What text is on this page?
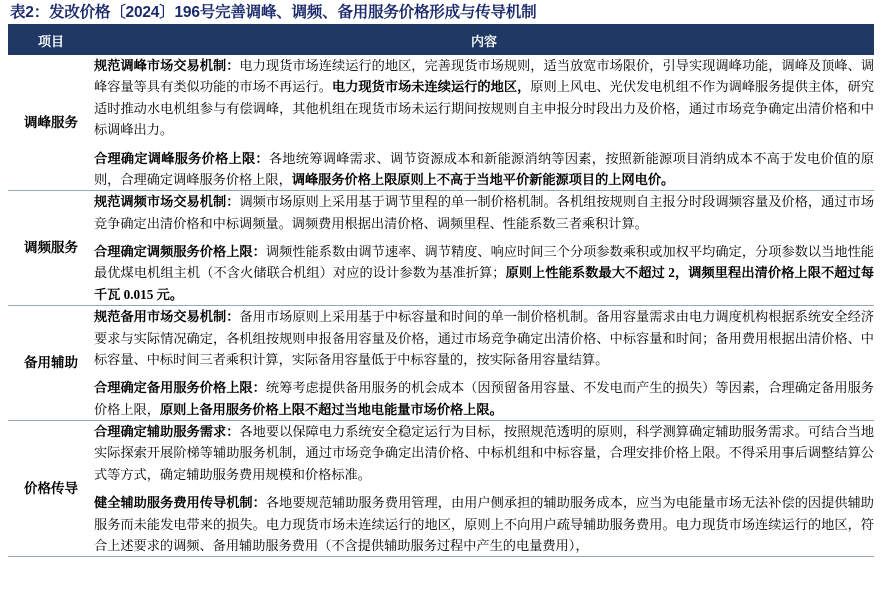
表2：发改价格〔2024〕196号完善调峰、调频、备用服务价格形成与传导机制
项目	内容
调峰服务	规范调峰市场交易机制：电力现货市场连续运行的地区，完善现货市场规则，适当放宽市场限价，引导实现调峰功能，调峰及顶峰、调峰容量等具有类似功能的市场不再运行。电力现货市场未连续运行的地区，原则上风电、光伏发电机组不作为调峰服务提供主体，研究适时推动水电机组参与有偿调峰，其他机组在现货市场未运行期间按规则自主申报分时段出力及价格，通过市场竞争确定出清价格和中标调峰出力。
合理确定调峰服务价格上限：各地统筹调峰需求、调节资源成本和新能源消纳等因素，按照新能源项目消纳成本不高于发电价值的原则，合理确定调峰服务价格上限，调峰服务价格上限原则上不高于当地平价新能源项目的上网电价。

调频服务	规范调频市场交易机制：调频市场原则上采用基于调节里程的单一制价格机制。各机组按规则自主报分时段调频容量及价格，通过市场竞争确定出清价格和中标调频量。调频费用根据出清价格、调频里程、性能系数三者乘积计算。
合理确定调频服务价格上限：调频性能系数由调节速率、调节精度、响应时间三个分项参数乘积或加权平均确定，分项参数以当地性能最优煤电机组主机（不含火储联合机组）对应的设计参数为基准折算；原则上性能系数最大不超过 2，调频里程出清价格上限不超过每千瓦 0.015 元。

备用辅助	规范备用市场交易机制：备用市场原则上采用基于中标容量和时间的单一制价格机制。备用容量需求由电力调度机构根据系统安全经济要求与实际情况确定，各机组按规则申报备用容量及价格，通过市场竞争确定出清价格、中标容量和时间；备用费用根据出清价格、中标容量、中标时间三者乘积计算，实际备用容量低于中标容量的，按实际备用容量结算。
合理确定备用服务价格上限：统筹考虑提供备用服务的机会成本（因预留备用容量、不发电而产生的损失）等因素，合理确定备用服务价格上限，原则上备用服务价格上限不超过当地电能量市场价格上限。

价格传导	合理确定辅助服务需求：各地要以保障电力系统安全稳定运行为目标，按照规范透明的原则，科学测算确定辅助服务需求。可结合当地实际探索开展阶梯等辅助服务机制，通过市场竞争确定出清价格、中标机组和中标容量，合理安排价格上限。不得采用事后调整结算公式等方式，确定辅助服务费用规模和价格标准。
健全辅助服务费用传导机制：各地要规范辅助服务费用管理，由用户侧承担的辅助服务成本，应当为电能量市场无法补偿的因提供辅助服务而未能发电带来的损失。电力现货市场未连续运行的地区，原则上不向用户疏导辅助服务费用。电力现货市场连续运行的地区，符合上述要求的调频、备用辅助服务费用（不含提供辅助服务过程中产生的电量费用），
